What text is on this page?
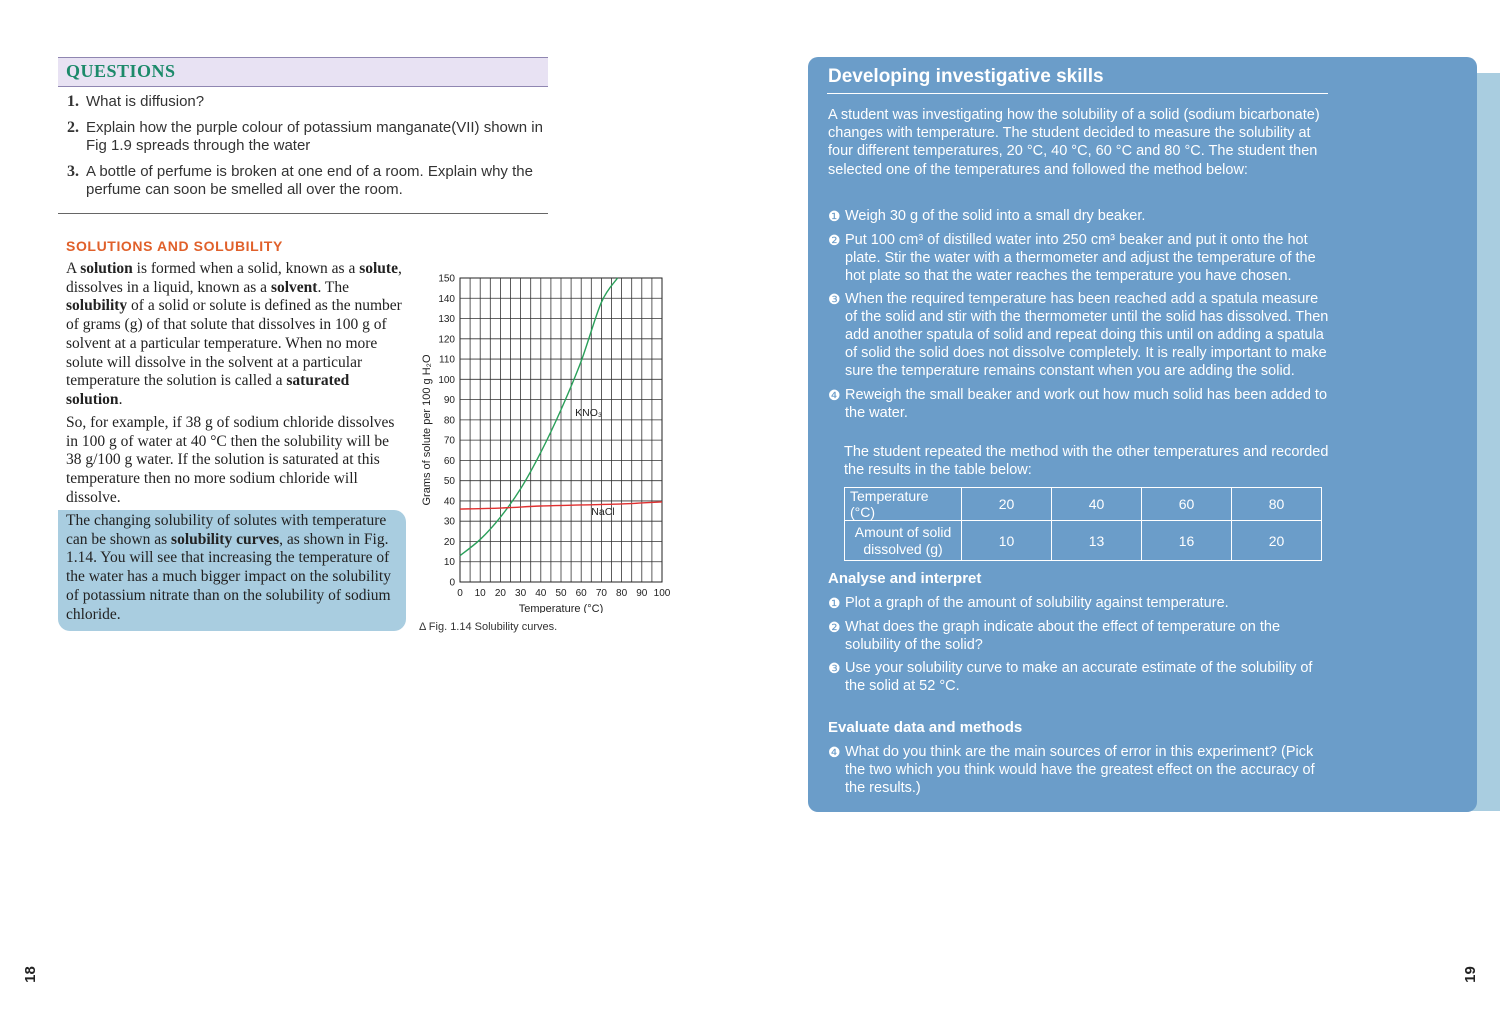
QUESTIONS
1. What is diffusion?
2. Explain how the purple colour of potassium manganate(VII) shown in Fig 1.9 spreads through the water
3. A bottle of perfume is broken at one end of a room. Explain why the perfume can soon be smelled all over the room.
SOLUTIONS AND SOLUBILITY

A solution is formed when a solid, known as a solute, dissolves in a liquid, known as a solvent. The solubility of a solid or solute is defined as the number of grams (g) of that solute that dissolves in 100 g of solvent at a particular temperature. When no more solute will dissolve in the solvent at a particular temperature the solution is called a saturated solution.

So, for example, if 38 g of sodium chloride dissolves in 100 g of water at 40 °C then the solubility will be 38 g/100 g water. If the solution is saturated at this temperature then no more sodium chloride will dissolve.

The changing solubility of solutes with temperature can be shown as solubility curves, as shown in Fig. 1.14. You will see that increasing the temperature of the water has a much bigger impact on the solubility of potassium nitrate than on the solubility of sodium chloride.
0
10
20
30
40
50
60
70
80
90
100
110
120
130
140
150
0 10 20 30 40 50 60 70 80 90 100
Temperature (°C)
Grams of solute per 100 g H₂O	KNO₃
NaCl
Δ Fig. 1.14 Solubility curves.
18
Developing investigative skills

A student was investigating how the solubility of a solid (sodium bicarbonate) changes with temperature. The student decided to measure the solubility at four different temperatures, 20 °C, 40 °C, 60 °C and 80 °C. The student then selected one of the temperatures and followed the method below:

❶ Weigh 30 g of the solid into a small dry beaker.
❷ Put 100 cm³ of distilled water into 250 cm³ beaker and put it onto the hot plate. Stir the water with a thermometer and adjust the temperature of the hot plate so that the water reaches the temperature you have chosen.
❸ When the required temperature has been reached add a spatula measure of the solid and stir with the thermometer until the solid has dissolved. Then add another spatula of solid and repeat doing this until on adding a spatula of solid the solid does not dissolve completely. It is really important to make sure the temperature remains constant when you are adding the solid.
❹ Reweigh the small beaker and work out how much solid has been added to the water.

The student repeated the method with the other temperatures and recorded the results in the table below:

Temperature (°C)	20	40	60	80
Amount of solid dissolved (g)	10	13	16	20
Analyse and interpret
❶ Plot a graph of the amount of solubility against temperature.
❷ What does the graph indicate about the effect of temperature on the solubility of the solid?
❸ Use your solubility curve to make an accurate estimate of the solubility of the solid at 52 °C.
Evaluate data and methods
❹ What do you think are the main sources of error in this experiment? (Pick the two which you think would have the greatest effect on the accuracy of the results.)
19
